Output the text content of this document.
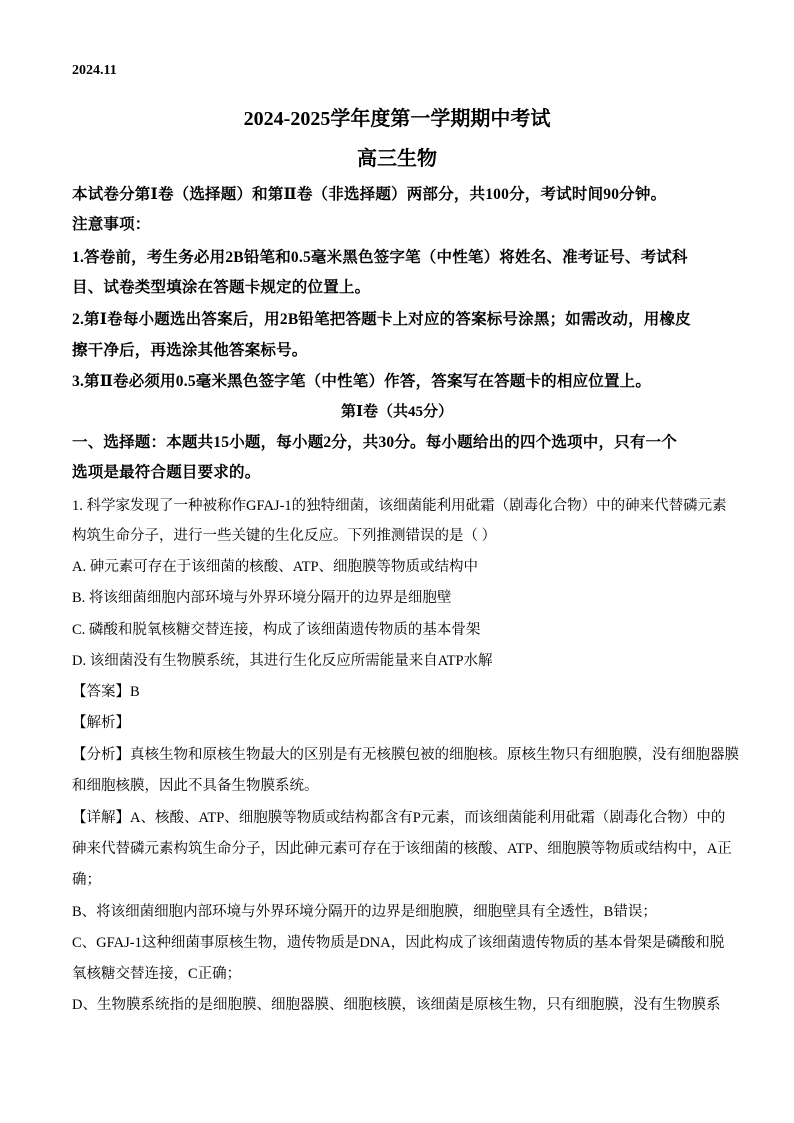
2024.11
2024-2025学年度第一学期期中考试
高三生物
本试卷分第Ⅰ卷（选择题）和第Ⅱ卷（非选择题）两部分，共100分，考试时间90分钟。
注意事项：
1.答卷前，考生务必用2B铅笔和0.5毫米黑色签字笔（中性笔）将姓名、准考证号、考试科
目、试卷类型填涂在答题卡规定的位置上。
2.第Ⅰ卷每小题选出答案后，用2B铅笔把答题卡上对应的答案标号涂黑；如需改动，用橡皮
擦干净后，再选涂其他答案标号。
3.第Ⅱ卷必须用0.5毫米黑色签字笔（中性笔）作答，答案写在答题卡的相应位置上。
第Ⅰ卷（共45分）
一、选择题：本题共15小题，每小题2分，共30分。每小题给出的四个选项中，只有一个
选项是最符合题目要求的。
1. 科学家发现了一种被称作GFAJ-1的独特细菌，该细菌能利用砒霜（剧毒化合物）中的砷来代替磷元素
构筑生命分子，进行一些关键的生化反应。下列推测错误的是（ ）
A. 砷元素可存在于该细菌的核酸、ATP、细胞膜等物质或结构中
B. 将该细菌细胞内部环境与外界环境分隔开的边界是细胞壁
C. 磷酸和脱氧核糖交替连接，构成了该细菌遗传物质的基本骨架
D. 该细菌没有生物膜系统，其进行生化反应所需能量来自ATP水解
【答案】B
【解析】
【分析】真核生物和原核生物最大的区别是有无核膜包被的细胞核。原核生物只有细胞膜，没有细胞器膜
和细胞核膜，因此不具备生物膜系统。
【详解】A、核酸、ATP、细胞膜等物质或结构都含有P元素，而该细菌能利用砒霜（剧毒化合物）中的
砷来代替磷元素构筑生命分子，因此砷元素可存在于该细菌的核酸、ATP、细胞膜等物质或结构中，A正
确；
B、将该细菌细胞内部环境与外界环境分隔开的边界是细胞膜，细胞壁具有全透性，B错误；
C、GFAJ-1这种细菌事原核生物，遗传物质是DNA，因此构成了该细菌遗传物质的基本骨架是磷酸和脱
氧核糖交替连接，C正确；
D、生物膜系统指的是细胞膜、细胞器膜、细胞核膜，该细菌是原核生物，只有细胞膜，没有生物膜系
